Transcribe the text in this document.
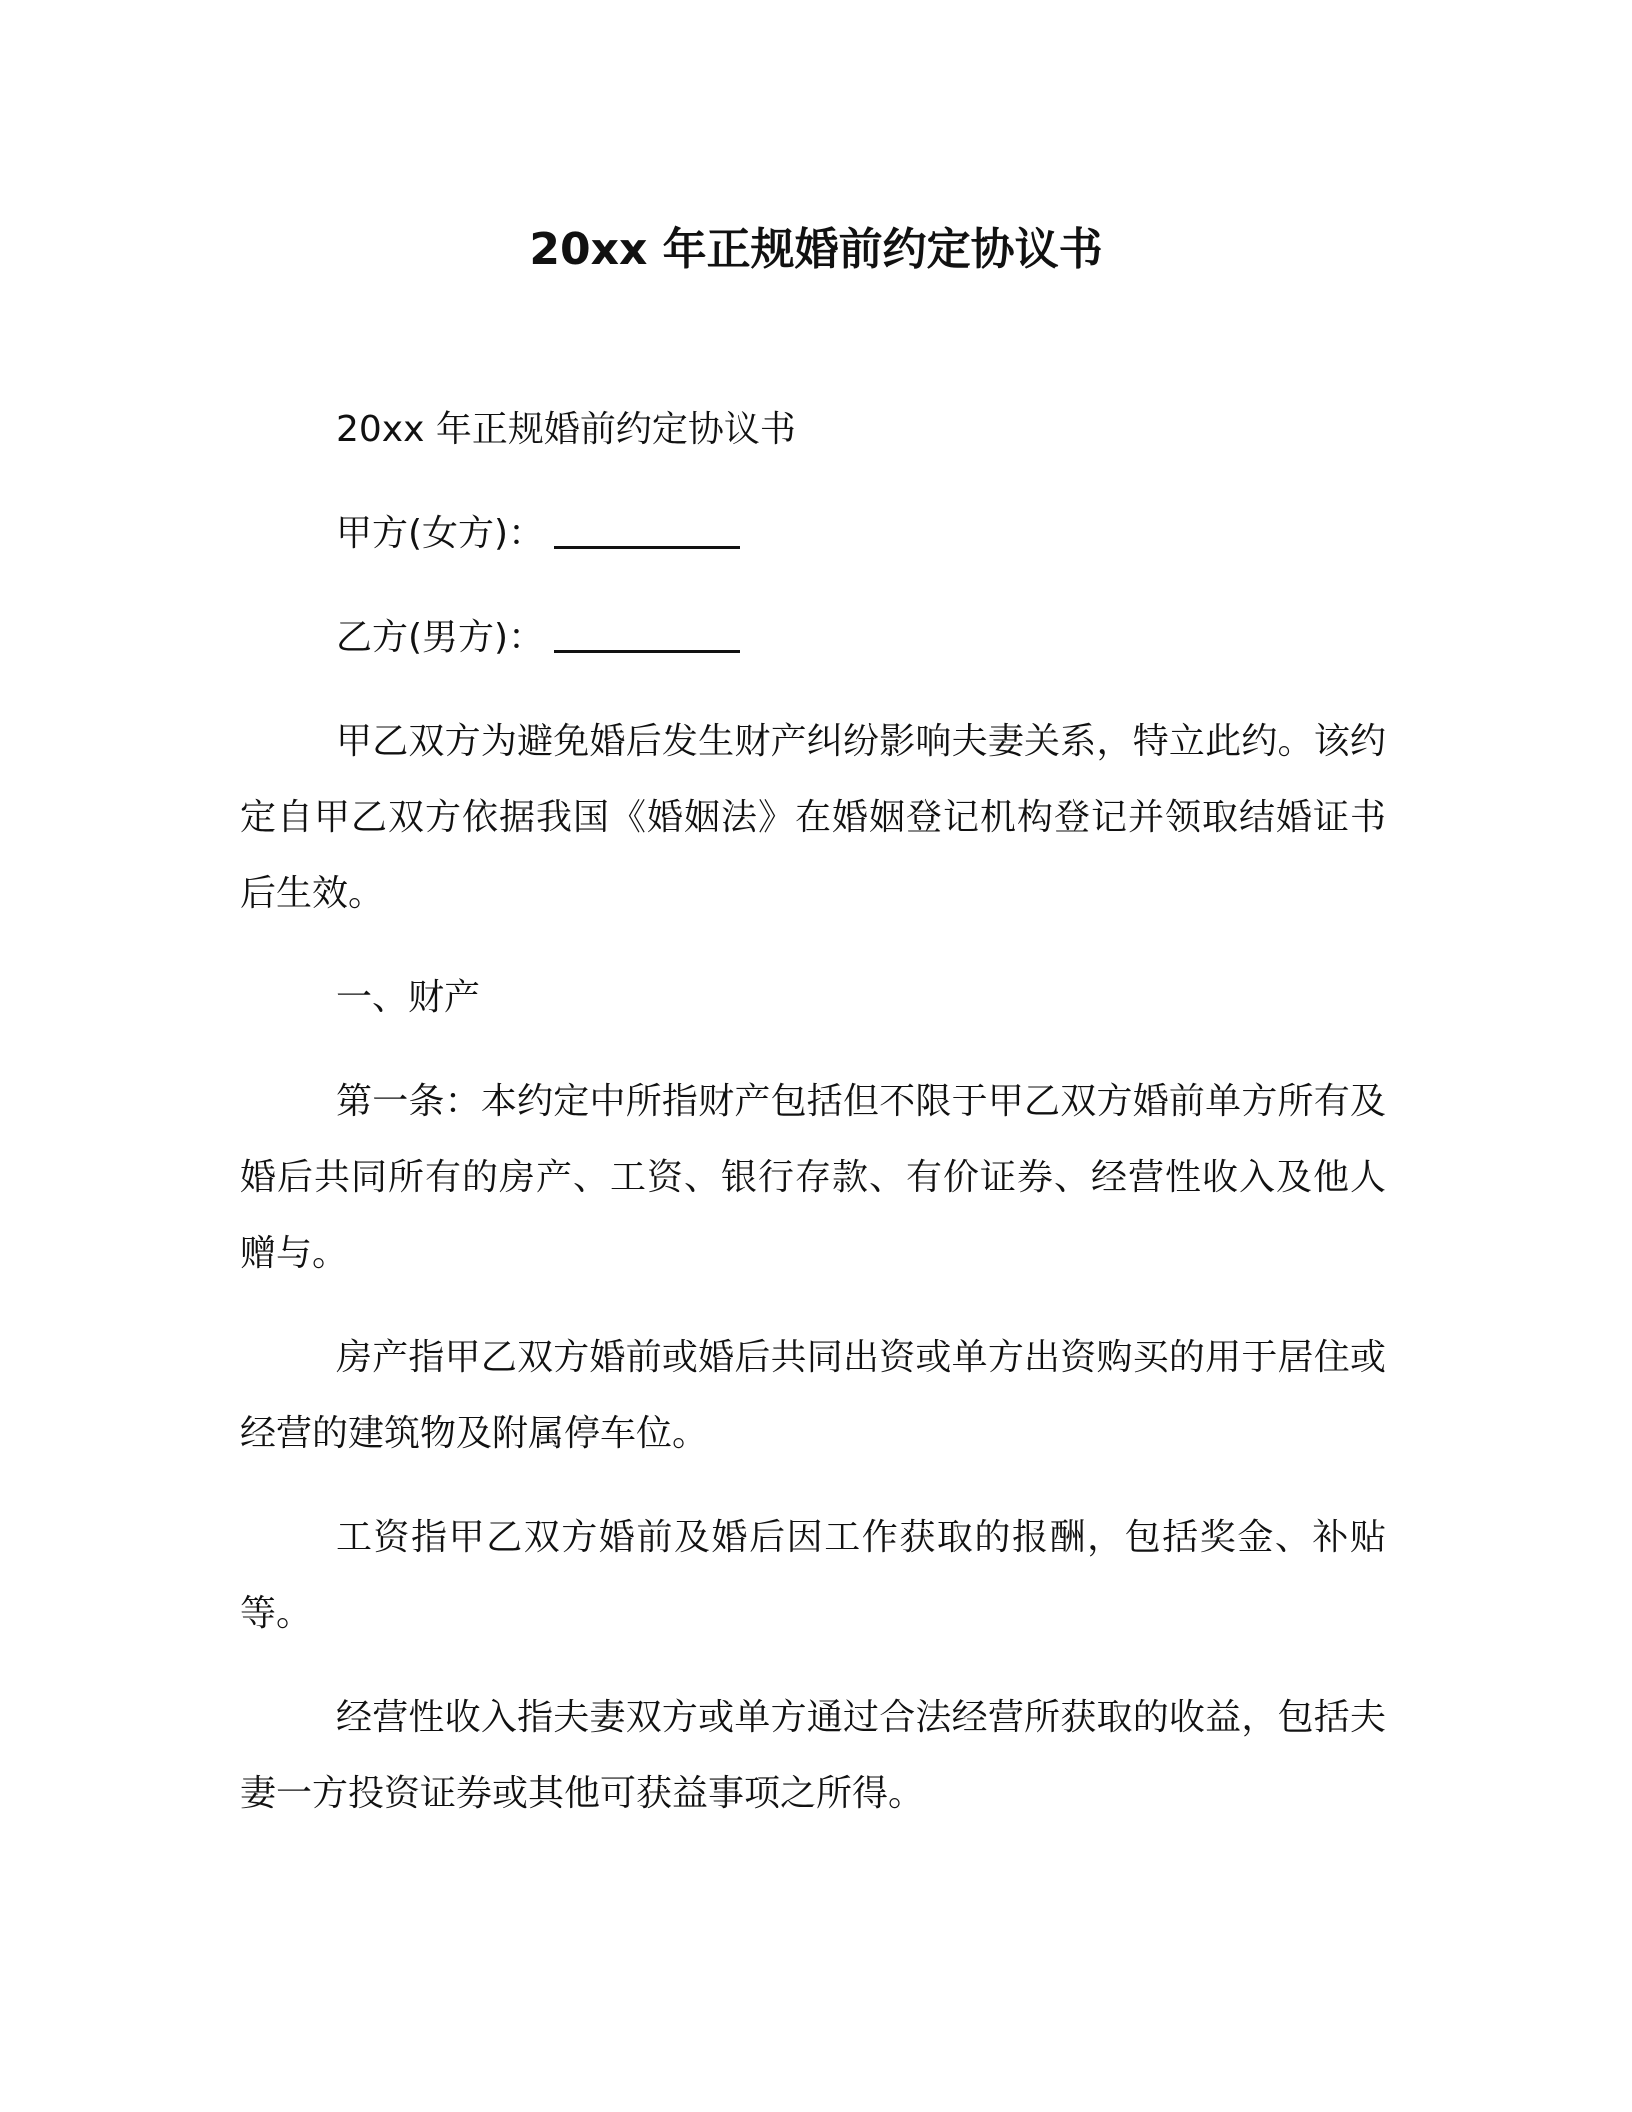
20xx 年正规婚前约定协议书

20xx 年正规婚前约定协议书

甲方(女方)：

乙方(男方)：

甲乙双方为避免婚后发生财产纠纷影响夫妻关系，特立此约。该约定自甲乙双方依据我国《婚姻法》在婚姻登记机构登记并领取结婚证书后生效。

一、财产

第一条：本约定中所指财产包括但不限于甲乙双方婚前单方所有及婚后共同所有的房产、工资、银行存款、有价证券、经营性收入及他人赠与。

房产指甲乙双方婚前或婚后共同出资或单方出资购买的用于居住或经营的建筑物及附属停车位。

工资指甲乙双方婚前及婚后因工作获取的报酬，包括奖金、补贴等。

经营性收入指夫妻双方或单方通过合法经营所获取的收益，包括夫妻一方投资证券或其他可获益事项之所得。
